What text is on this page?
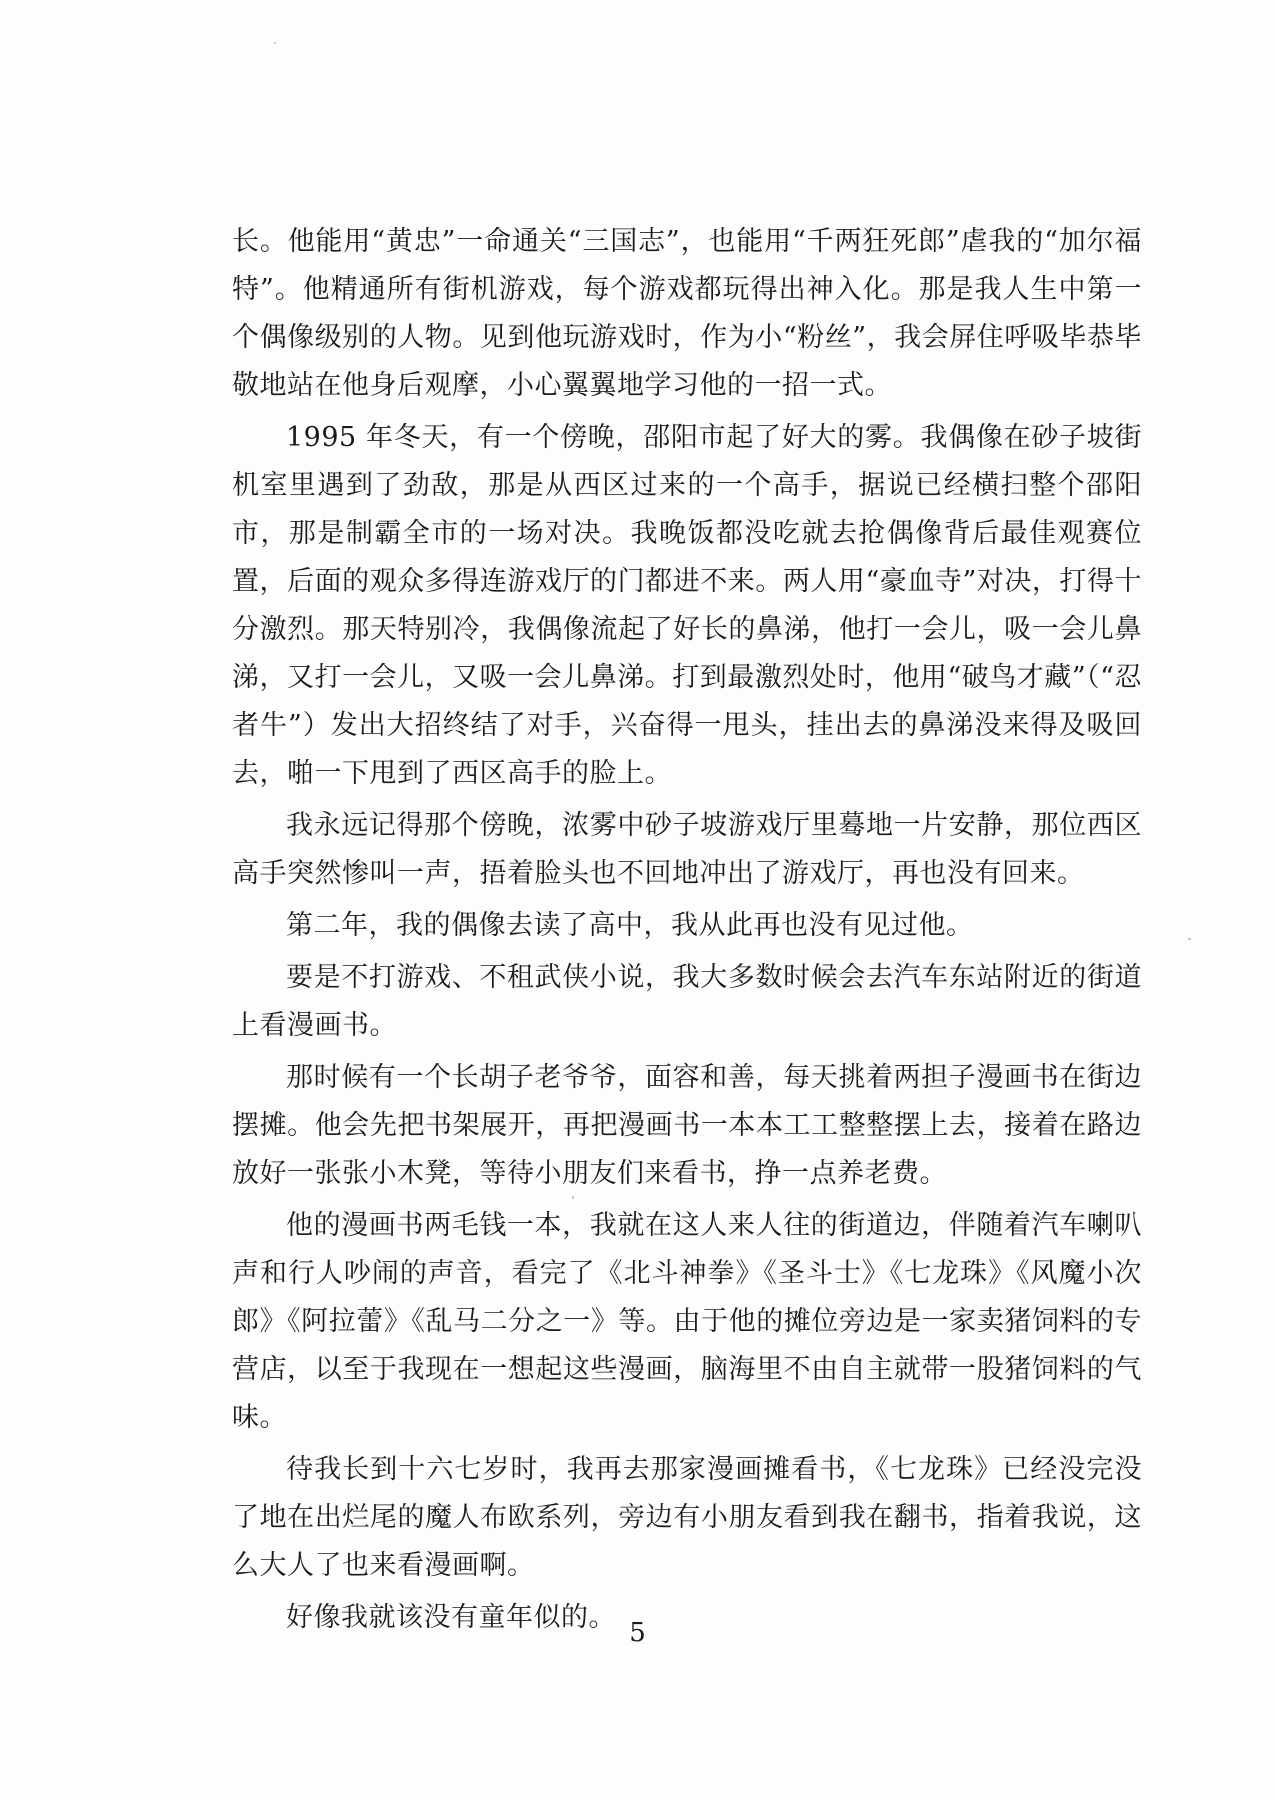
长。他能用“黄忠”一命通关“三国志”，也能用“千两狂死郎”虐我的“加尔福特”。他精通所有街机游戏，每个游戏都玩得出神入化。那是我人生中第一个偶像级别的人物。见到他玩游戏时，作为小“粉丝”，我会屏住呼吸毕恭毕敬地站在他身后观摩，小心翼翼地学习他的一招一式。

1995 年冬天，有一个傍晚，邵阳市起了好大的雾。我偶像在砂子坡街机室里遇到了劲敌，那是从西区过来的一个高手，据说已经横扫整个邵阳市，那是制霸全市的一场对决。我晚饭都没吃就去抢偶像背后最佳观赛位置，后面的观众多得连游戏厅的门都进不来。两人用“豪血寺”对决，打得十分激烈。那天特别冷，我偶像流起了好长的鼻涕，他打一会儿，吸一会儿鼻涕，又打一会儿，又吸一会儿鼻涕。打到最激烈处时，他用“破鸟才藏”（“忍者牛”）发出大招终结了对手，兴奋得一甩头，挂出去的鼻涕没来得及吸回去，啪一下甩到了西区高手的脸上。

我永远记得那个傍晚，浓雾中砂子坡游戏厅里蓦地一片安静，那位西区高手突然惨叫一声，捂着脸头也不回地冲出了游戏厅，再也没有回来。

第二年，我的偶像去读了高中，我从此再也没有见过他。

要是不打游戏、不租武侠小说，我大多数时候会去汽车东站附近的街道上看漫画书。

那时候有一个长胡子老爷爷，面容和善，每天挑着两担子漫画书在街边摆摊。他会先把书架展开，再把漫画书一本本工工整整摆上去，接着在路边放好一张张小木凳，等待小朋友们来看书，挣一点养老费。

他的漫画书两毛钱一本，我就在这人来人往的街道边，伴随着汽车喇叭声和行人吵闹的声音，看完了《北斗神拳》《圣斗士》《七龙珠》《风魔小次郎》《阿拉蕾》《乱马二分之一》等。由于他的摊位旁边是一家卖猪饲料的专营店，以至于我现在一想起这些漫画，脑海里不由自主就带一股猪饲料的气味。

待我长到十六七岁时，我再去那家漫画摊看书，《七龙珠》已经没完没了地在出烂尾的魔人布欧系列，旁边有小朋友看到我在翻书，指着我说，这么大人了也来看漫画啊。

好像我就该没有童年似的。 5
